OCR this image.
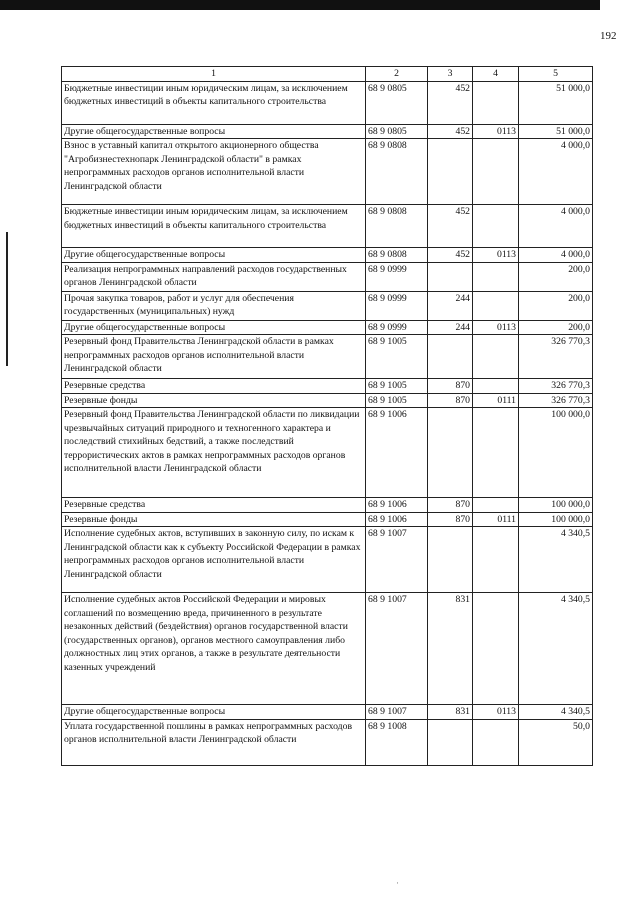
192
·
1	2	3	4	5
Бюджетные инвестиции иным юридическим лицам, за исключением бюджетных инвестиций в объекты капитального строительства	68 9 0805	452		51 000,0
Другие общегосударственные вопросы	68 9 0805	452	0113	51 000,0
Взнос в уставный капитал открытого акционерного общества "Агробизнестехнопарк Ленинградской области" в рамках непрограммных расходов органов исполнительной власти Ленинградской области	68 9 0808			4 000,0
Бюджетные инвестиции иным юридическим лицам, за исключением бюджетных инвестиций в объекты капитального строительства	68 9 0808	452		4 000,0
Другие общегосударственные вопросы	68 9 0808	452	0113	4 000,0
Реализация непрограммных направлений расходов государственных органов Ленинградской области	68 9 0999			200,0
Прочая закупка товаров, работ и услуг для обеспечения государственных (муниципальных) нужд	68 9 0999	244		200,0
Другие общегосударственные вопросы	68 9 0999	244	0113	200,0
Резервный фонд Правительства Ленинградской области в рамках непрограммных расходов органов исполнительной власти Ленинградской области	68 9 1005			326 770,3
Резервные средства	68 9 1005	870		326 770,3
Резервные фонды	68 9 1005	870	0111	326 770,3
Резервный фонд Правительства Ленинградской области по ликвидации чрезвычайных ситуаций природного и техногенного характера и последствий стихийных бедствий, а также последствий террористических актов в рамках непрограммных расходов органов исполнительной власти Ленинградской области	68 9 1006			100 000,0
Резервные средства	68 9 1006	870		100 000,0
Резервные фонды	68 9 1006	870	0111	100 000,0
Исполнение судебных актов, вступивших в законную силу, по искам к Ленинградской области как к субъекту Российской Федерации в рамках непрограммных расходов органов исполнительной власти Ленинградской области	68 9 1007			4 340,5
Исполнение судебных актов Российской Федерации и мировых соглашений по возмещению вреда, причиненного в результате незаконных действий (бездействия) органов государственной власти (государственных органов), органов местного самоуправления либо должностных лиц этих органов, а также в результате деятельности казенных учреждений	68 9 1007	831		4 340,5
Другие общегосударственные вопросы	68 9 1007	831	0113	4 340,5
Уплата государственной пошлины в рамках непрограммных расходов органов исполнительной власти Ленинградской области	68 9 1008			50,0
